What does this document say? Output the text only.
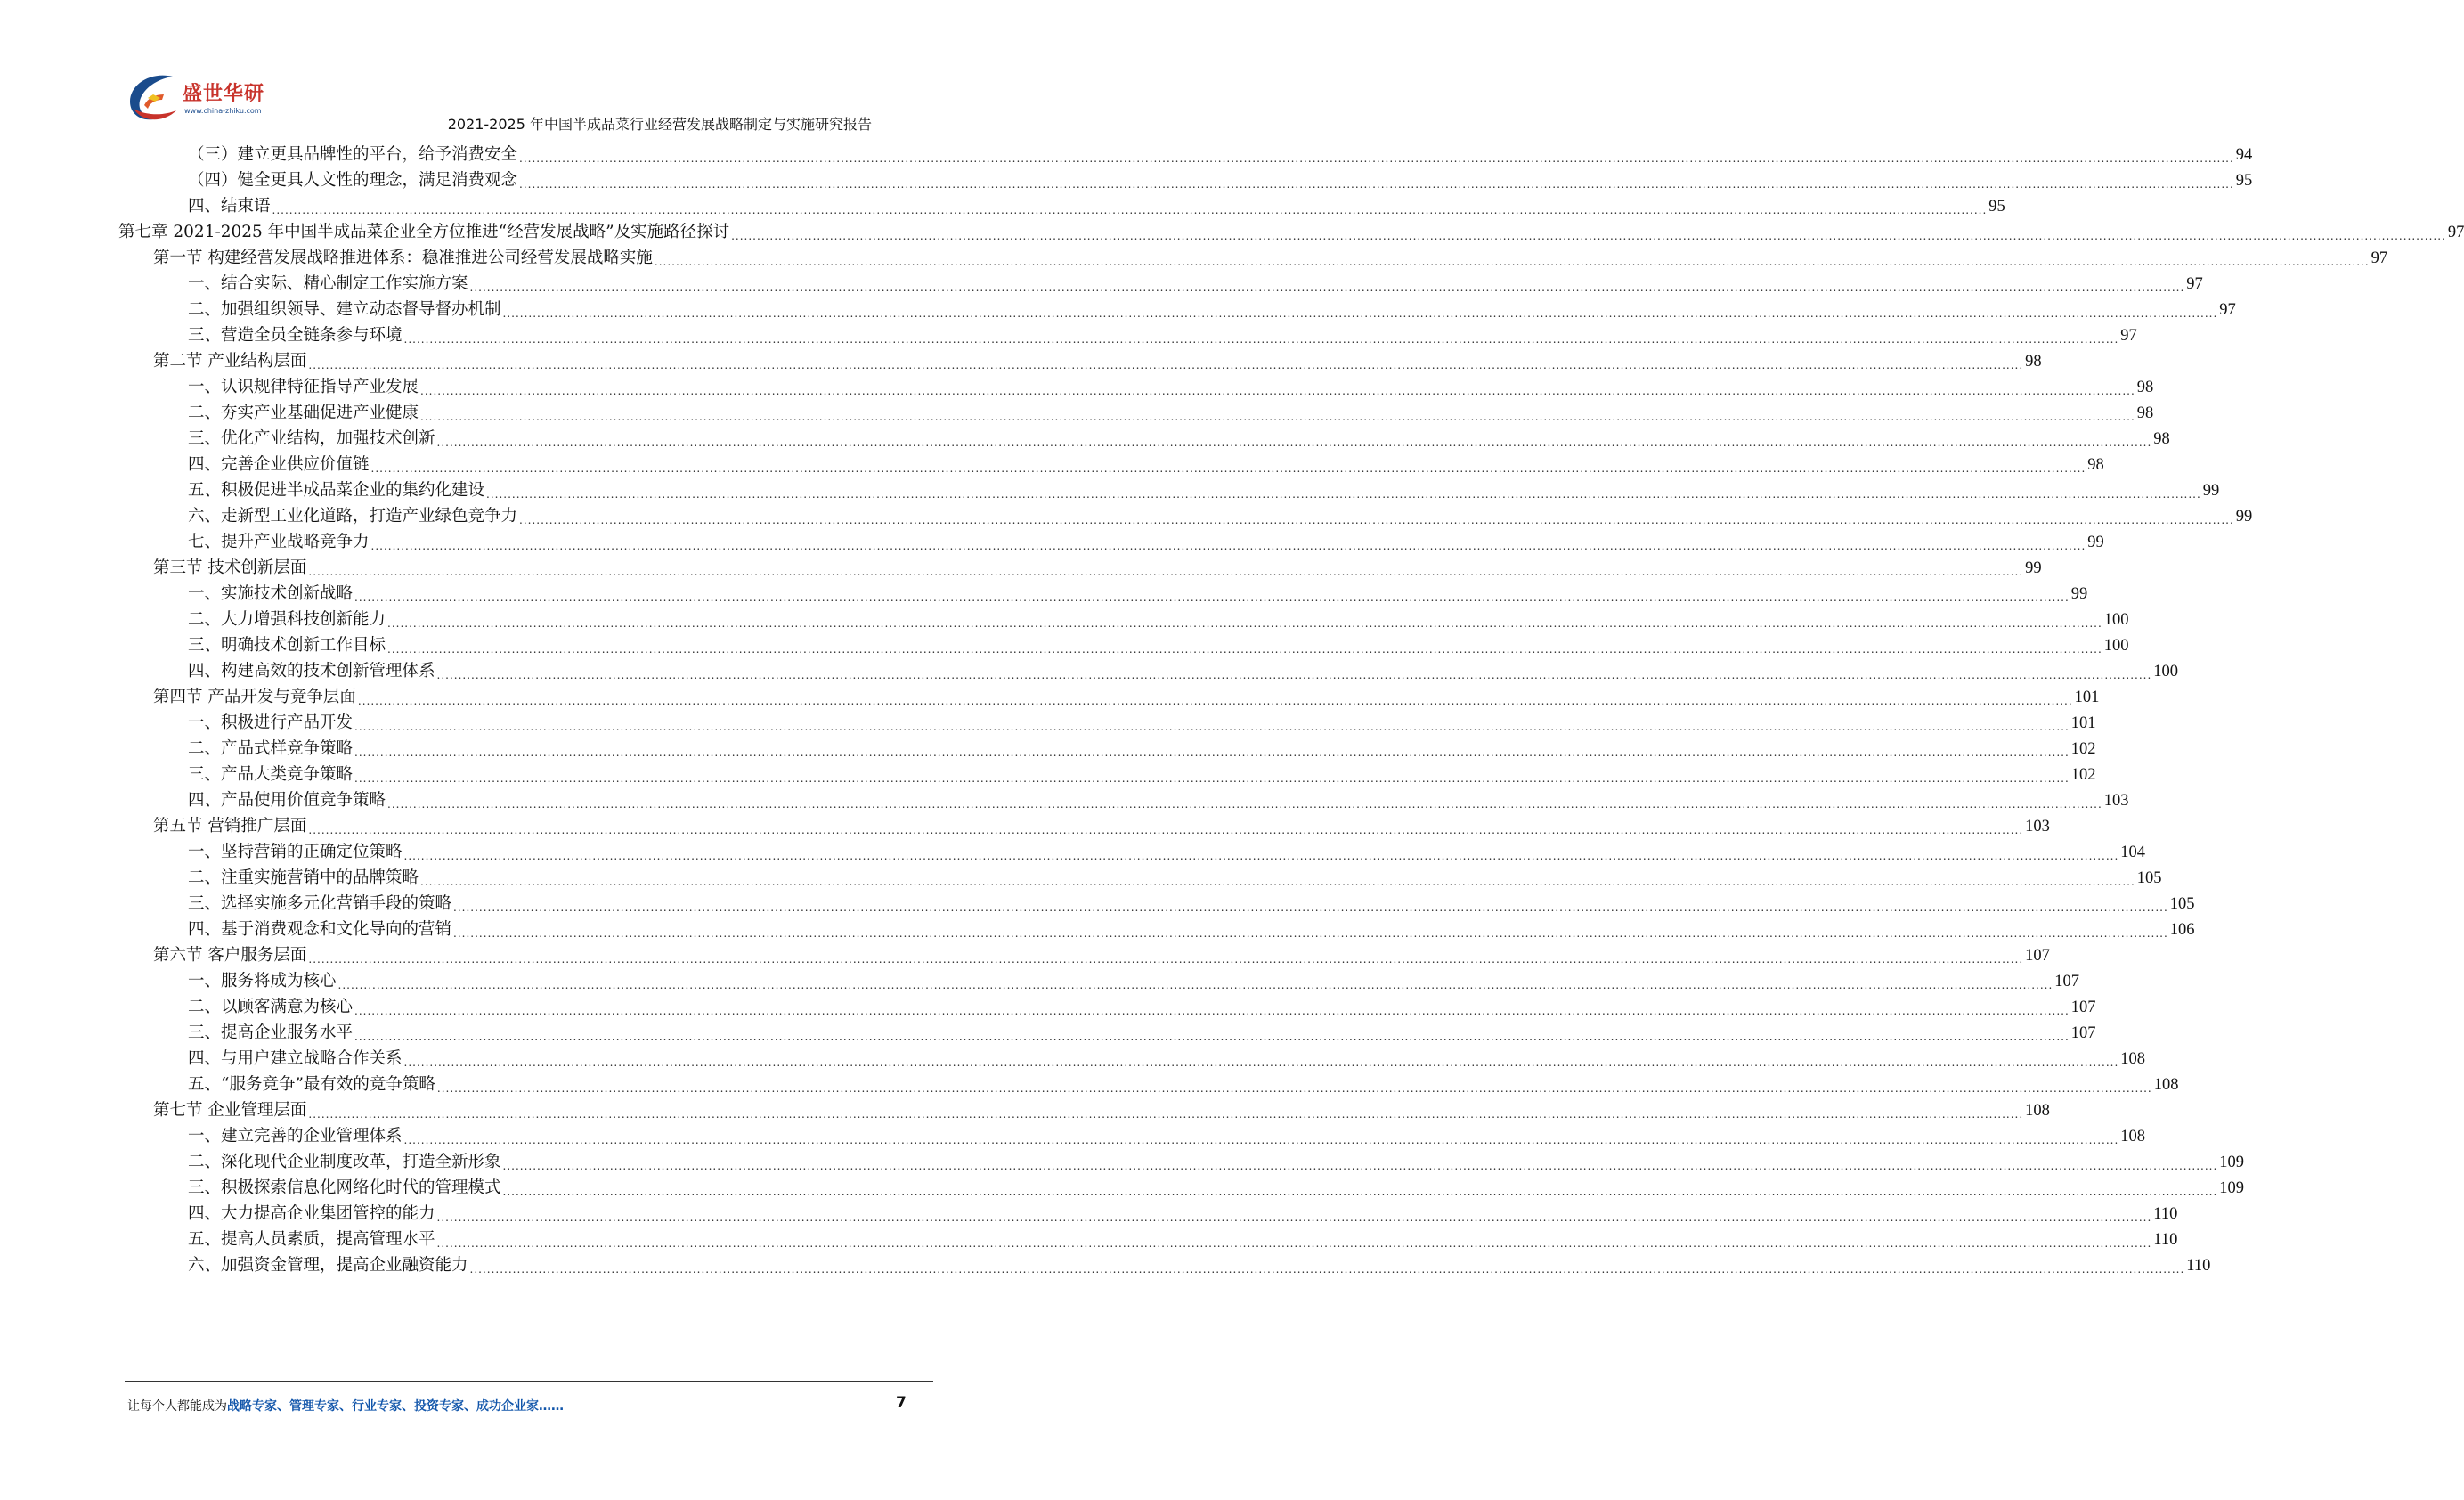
盛世华研
www.china-zhiku.com
2021-2025 年中国半成品菜行业经营发展战略制定与实施研究报告
（三）建立更具品牌性的平台，给予消费安全 ................................................................................................................................................................................................................................................................................................................................................................................................................ 94
（四）健全更具人文性的理念，满足消费观念 ................................................................................................................................................................................................................................................................................................................................................................................................................ 95
四、结束语 ................................................................................................................................................................................................................................................................................................................................................................................................................ 95
第七章 2021-2025 年中国半成品菜企业全方位推进“经营发展战略”及实施路径探讨 ................................................................................................................................................................................................................................................................................................................................................................................................................ 97
第一节 构建经营发展战略推进体系：稳准推进公司经营发展战略实施 ................................................................................................................................................................................................................................................................................................................................................................................................................ 97
一、结合实际、精心制定工作实施方案 ................................................................................................................................................................................................................................................................................................................................................................................................................ 97
二、加强组织领导、建立动态督导督办机制 ................................................................................................................................................................................................................................................................................................................................................................................................................ 97
三、营造全员全链条参与环境 ................................................................................................................................................................................................................................................................................................................................................................................................................ 97
第二节 产业结构层面 ................................................................................................................................................................................................................................................................................................................................................................................................................ 98
一、认识规律特征指导产业发展 ................................................................................................................................................................................................................................................................................................................................................................................................................ 98
二、夯实产业基础促进产业健康 ................................................................................................................................................................................................................................................................................................................................................................................................................ 98
三、优化产业结构，加强技术创新 ................................................................................................................................................................................................................................................................................................................................................................................................................ 98
四、完善企业供应价值链 ................................................................................................................................................................................................................................................................................................................................................................................................................ 98
五、积极促进半成品菜企业的集约化建设 ................................................................................................................................................................................................................................................................................................................................................................................................................ 99
六、走新型工业化道路，打造产业绿色竞争力 ................................................................................................................................................................................................................................................................................................................................................................................................................ 99
七、提升产业战略竞争力 ................................................................................................................................................................................................................................................................................................................................................................................................................ 99
第三节 技术创新层面 ................................................................................................................................................................................................................................................................................................................................................................................................................ 99
一、实施技术创新战略 ................................................................................................................................................................................................................................................................................................................................................................................................................ 99
二、大力增强科技创新能力 ................................................................................................................................................................................................................................................................................................................................................................................................................ 100
三、明确技术创新工作目标 ................................................................................................................................................................................................................................................................................................................................................................................................................ 100
四、构建高效的技术创新管理体系 ................................................................................................................................................................................................................................................................................................................................................................................................................ 100
第四节 产品开发与竞争层面 ................................................................................................................................................................................................................................................................................................................................................................................................................ 101
一、积极进行产品开发 ................................................................................................................................................................................................................................................................................................................................................................................................................ 101
二、产品式样竞争策略 ................................................................................................................................................................................................................................................................................................................................................................................................................ 102
三、产品大类竞争策略 ................................................................................................................................................................................................................................................................................................................................................................................................................ 102
四、产品使用价值竞争策略 ................................................................................................................................................................................................................................................................................................................................................................................................................ 103
第五节 营销推广层面 ................................................................................................................................................................................................................................................................................................................................................................................................................ 103
一、坚持营销的正确定位策略 ................................................................................................................................................................................................................................................................................................................................................................................................................ 104
二、注重实施营销中的品牌策略 ................................................................................................................................................................................................................................................................................................................................................................................................................ 105
三、选择实施多元化营销手段的策略 ................................................................................................................................................................................................................................................................................................................................................................................................................ 105
四、基于消费观念和文化导向的营销 ................................................................................................................................................................................................................................................................................................................................................................................................................ 106
第六节 客户服务层面 ................................................................................................................................................................................................................................................................................................................................................................................................................ 107
一、服务将成为核心 ................................................................................................................................................................................................................................................................................................................................................................................................................ 107
二、以顾客满意为核心 ................................................................................................................................................................................................................................................................................................................................................................................................................ 107
三、提高企业服务水平 ................................................................................................................................................................................................................................................................................................................................................................................................................ 107
四、与用户建立战略合作关系 ................................................................................................................................................................................................................................................................................................................................................................................................................ 108
五、“服务竞争”最有效的竞争策略 ................................................................................................................................................................................................................................................................................................................................................................................................................ 108
第七节 企业管理层面 ................................................................................................................................................................................................................................................................................................................................................................................................................ 108
一、建立完善的企业管理体系 ................................................................................................................................................................................................................................................................................................................................................................................................................ 108
二、深化现代企业制度改革，打造全新形象 ................................................................................................................................................................................................................................................................................................................................................................................................................ 109
三、积极探索信息化网络化时代的管理模式 ................................................................................................................................................................................................................................................................................................................................................................................................................ 109
四、大力提高企业集团管控的能力 ................................................................................................................................................................................................................................................................................................................................................................................................................ 110
五、提高人员素质，提高管理水平 ................................................................................................................................................................................................................................................................................................................................................................................................................ 110
六、加强资金管理，提高企业融资能力 ................................................................................................................................................................................................................................................................................................................................................................................................................ 110
让每个人都能成为战略专家、管理专家、行业专家、投资专家、成功企业家……	7
